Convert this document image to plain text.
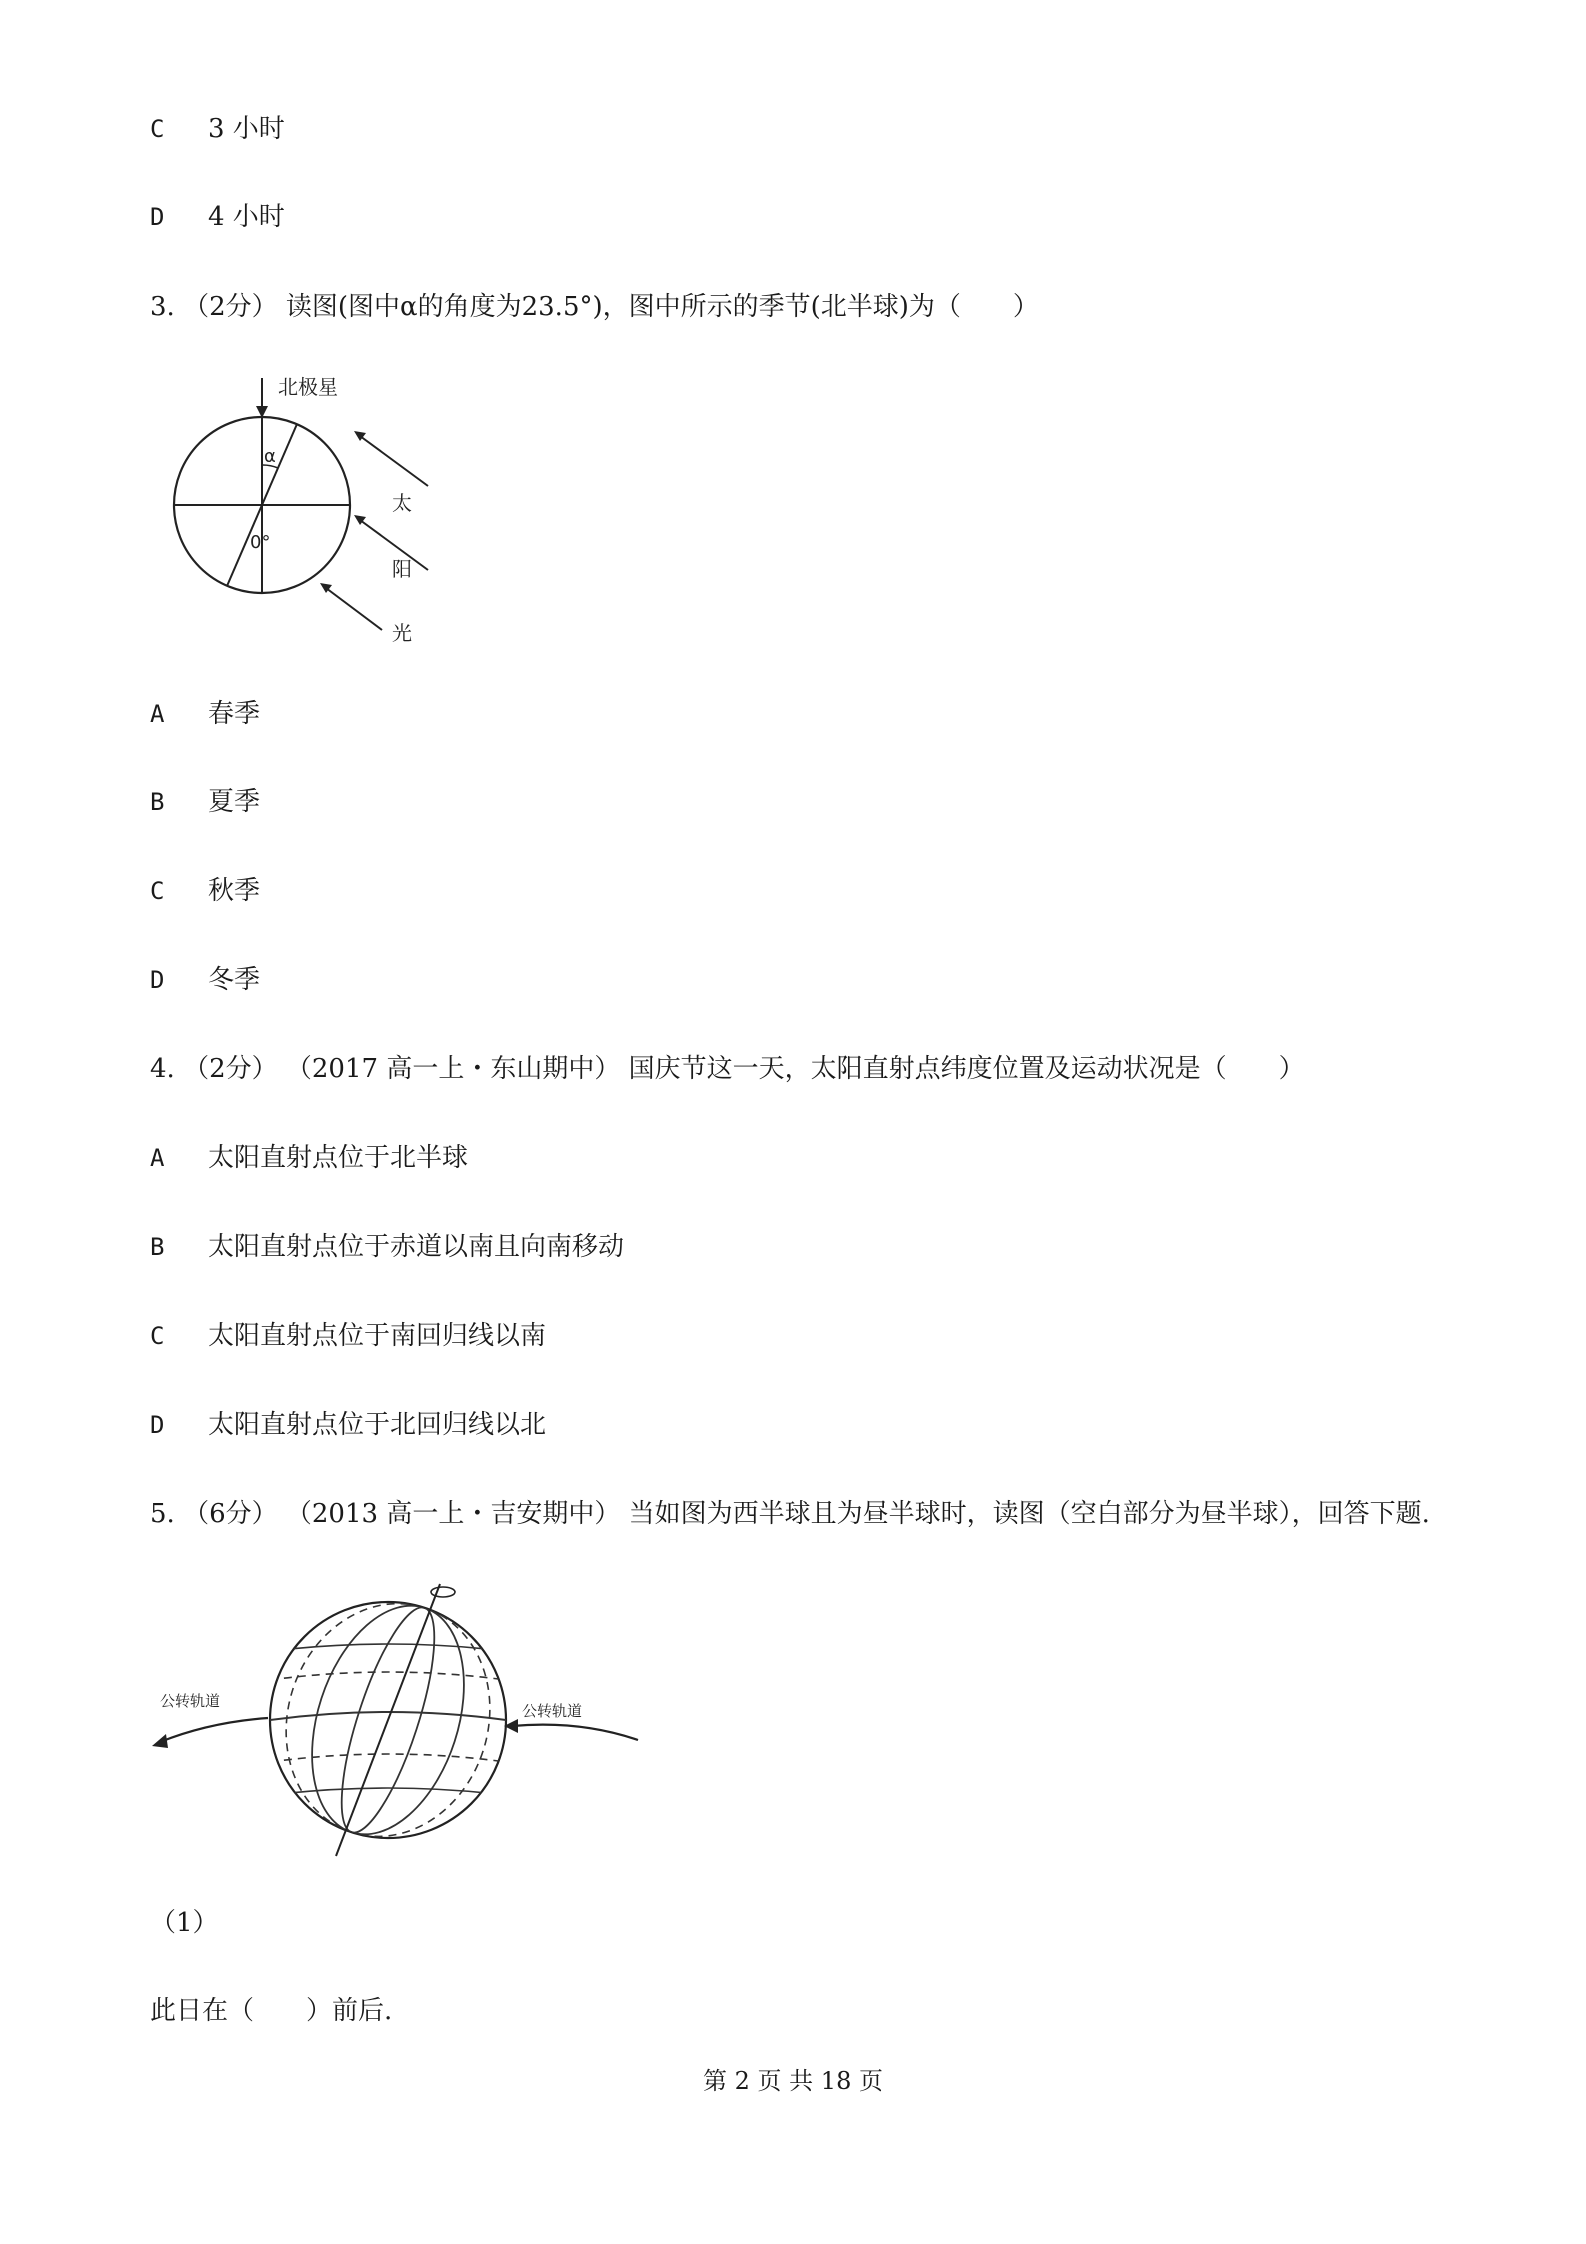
C 3 小时
D 4 小时
3. （2分） 读图(图中α的角度为23.5°)，图中所示的季节(北半球)为（　　）
北极星
α
0°
太
阳
光
A 春季
B 夏季
C 秋季
D 冬季
4. （2分） （2017 高一上・东山期中） 国庆节这一天，太阳直射点纬度位置及运动状况是（　　）
A 太阳直射点位于北半球
B 太阳直射点位于赤道以南且向南移动
C 太阳直射点位于南回归线以南
D 太阳直射点位于北回归线以北
5. （6分） （2013 高一上・吉安期中） 当如图为西半球且为昼半球时，读图（空白部分为昼半球），回答下题.
公转轨道
公转轨道
（1）
此日在（　　）前后.
第 2 页 共 18 页
